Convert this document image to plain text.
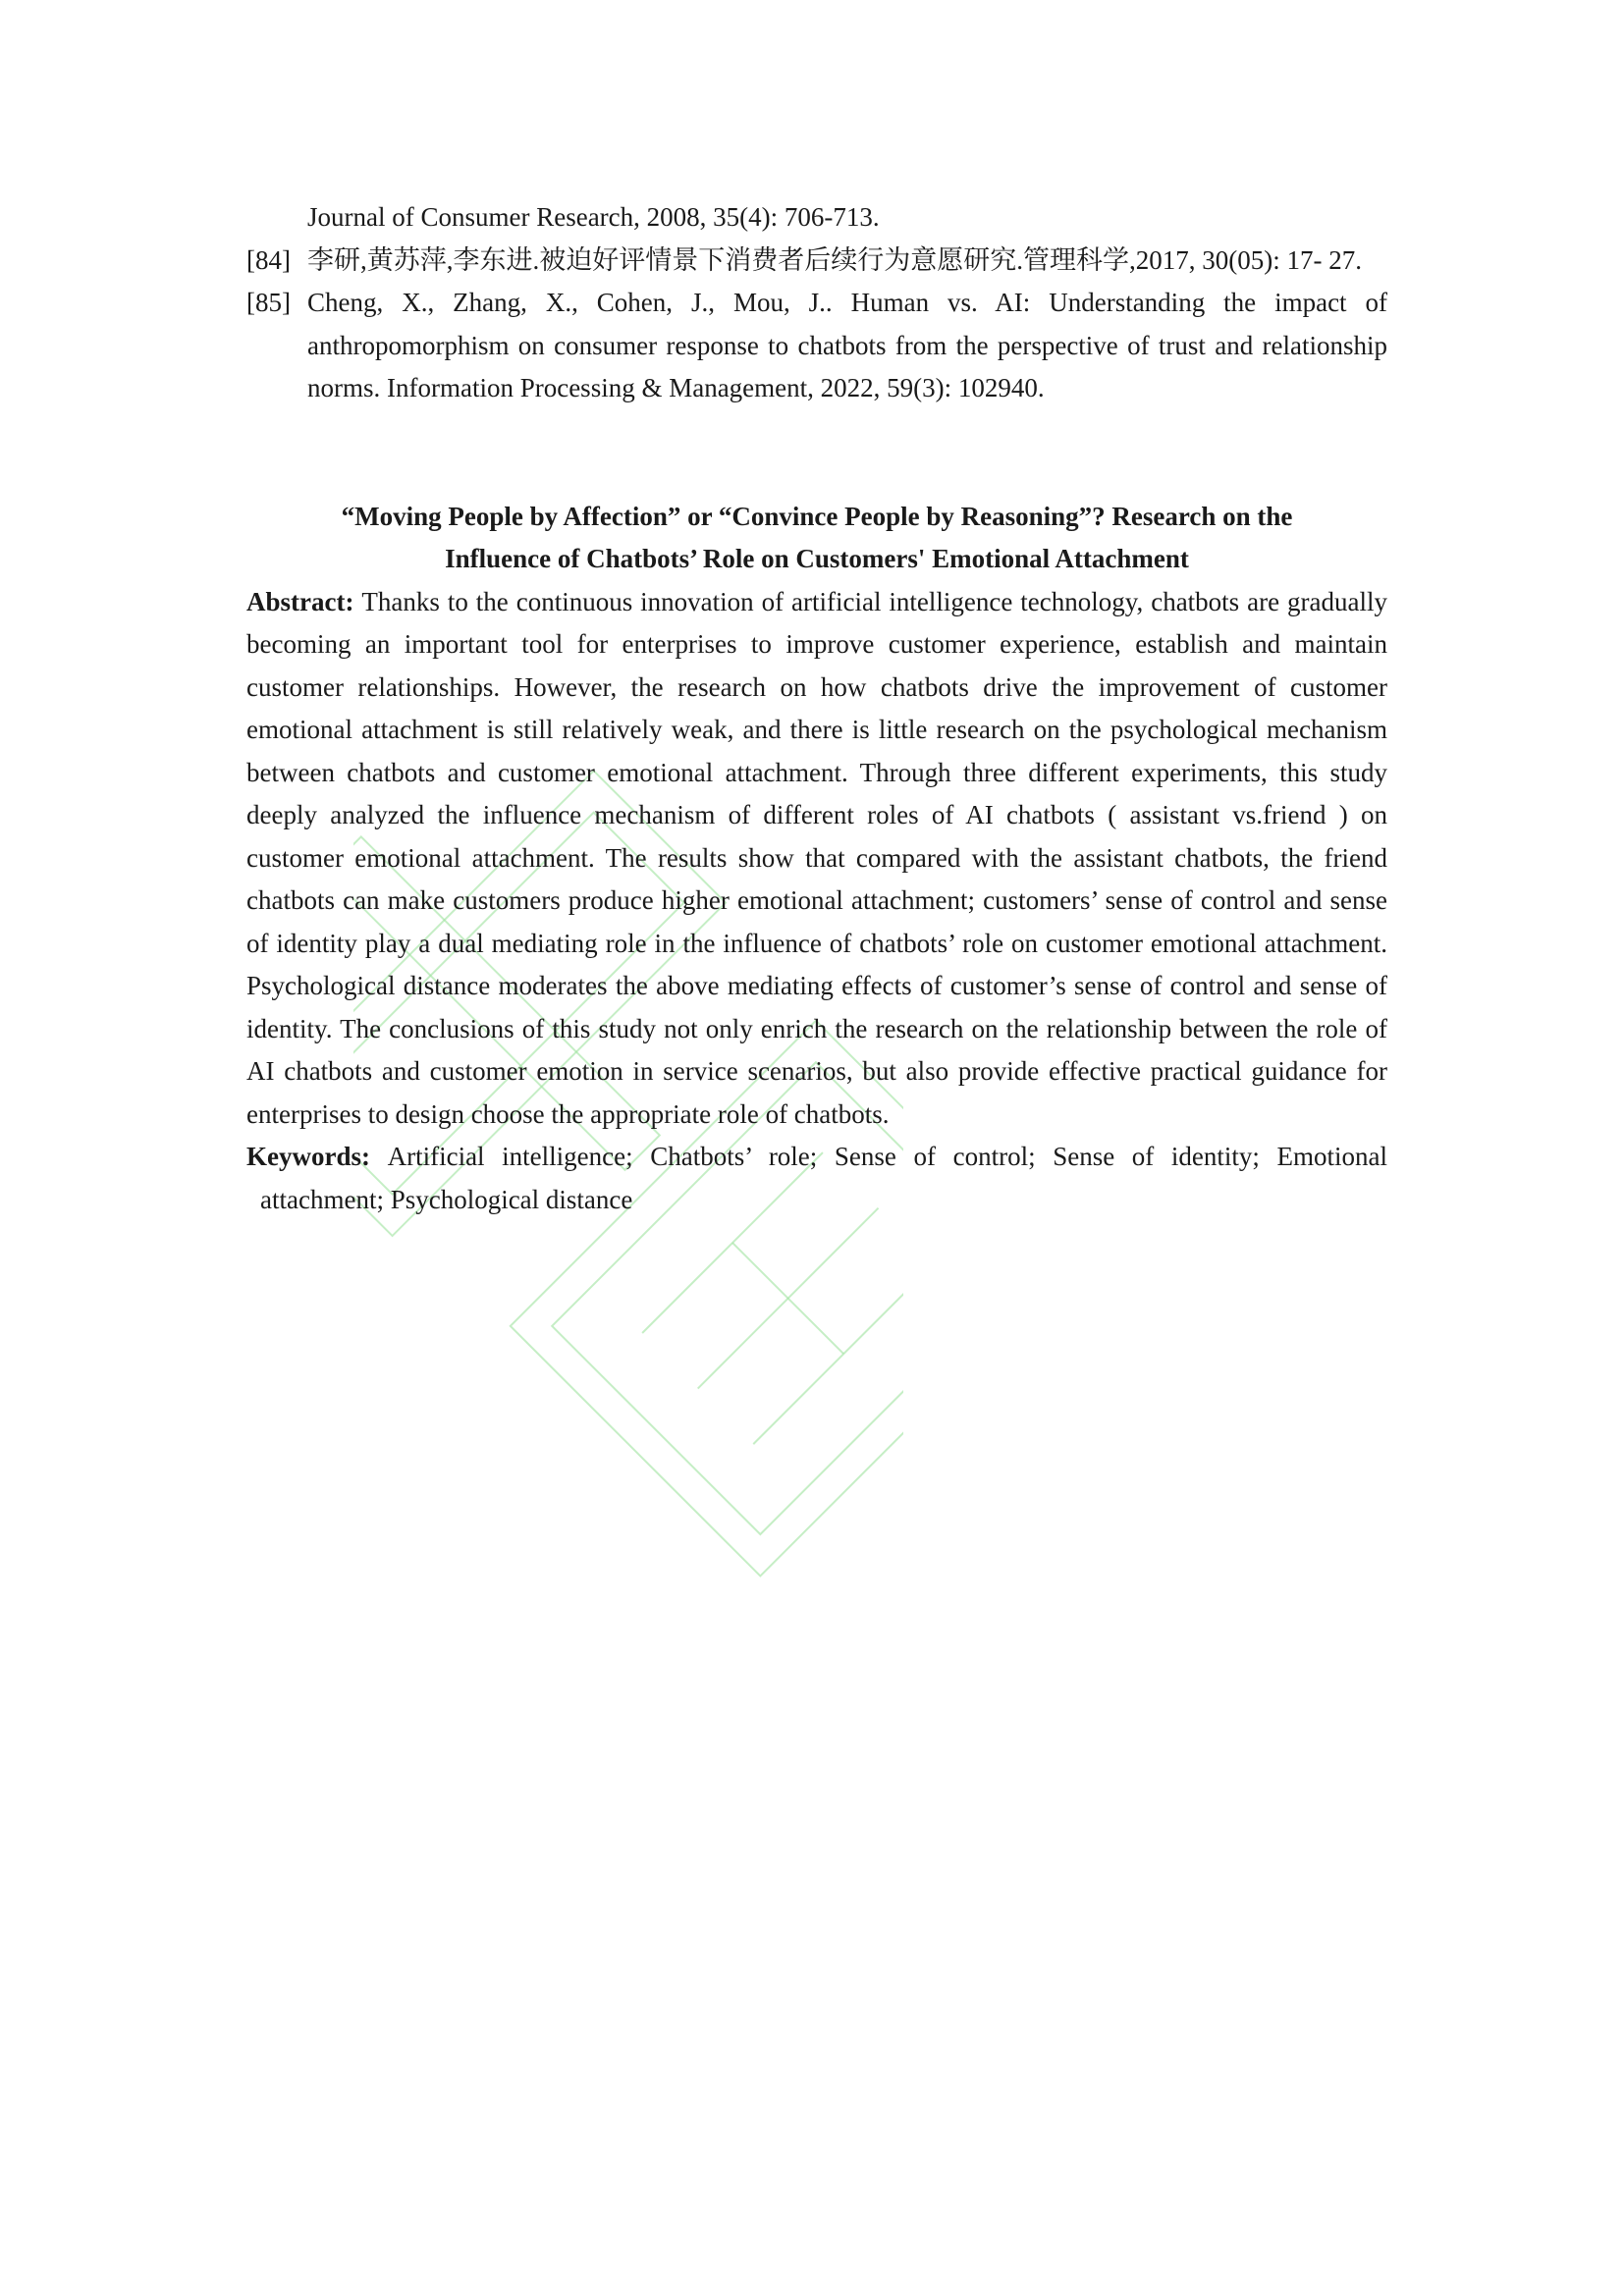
Journal of Consumer Research, 2008, 35(4): 706-713.
[84] 李研,黄苏萍,李东进.被迫好评情景下消费者后续行为意愿研究.管理科学,2017, 30(05): 17- 27.
[85] Cheng, X., Zhang, X., Cohen, J., Mou, J.. Human vs. AI: Understanding the impact of anthropomorphism on consumer response to chatbots from the perspective of trust and relationship norms. Information Processing & Management, 2022, 59(3): 102940.
“Moving People by Affection” or “Convince People by Reasoning”? Research on the
Influence of Chatbots’ Role on Customers' Emotional Attachment
Abstract: Thanks to the continuous innovation of artificial intelligence technology, chatbots are gradually becoming an important tool for enterprises to improve customer experience, establish and maintain customer relationships. However, the research on how chatbots drive the improvement of customer emotional attachment is still relatively weak, and there is little research on the psychological mechanism between chatbots and customer emotional attachment. Through three different experiments, this study deeply analyzed the influence mechanism of different roles of AI chatbots ( assistant vs.friend ) on customer emotional attachment. The results show that compared with the assistant chatbots, the friend chatbots can make customers produce higher emotional attachment; customers’ sense of control and sense of identity play a dual mediating role in the influence of chatbots’ role on customer emotional attachment. Psychological distance moderates the above mediating effects of customer’s sense of control and sense of identity. The conclusions of this study not only enrich the research on the relationship between the role of AI chatbots and customer emotion in service scenarios, but also provide effective practical guidance for enterprises to design choose the appropriate role of chatbots.
Keywords: Artificial intelligence; Chatbots’ role; Sense of control; Sense of identity; Emotional attachment; Psychological distance
